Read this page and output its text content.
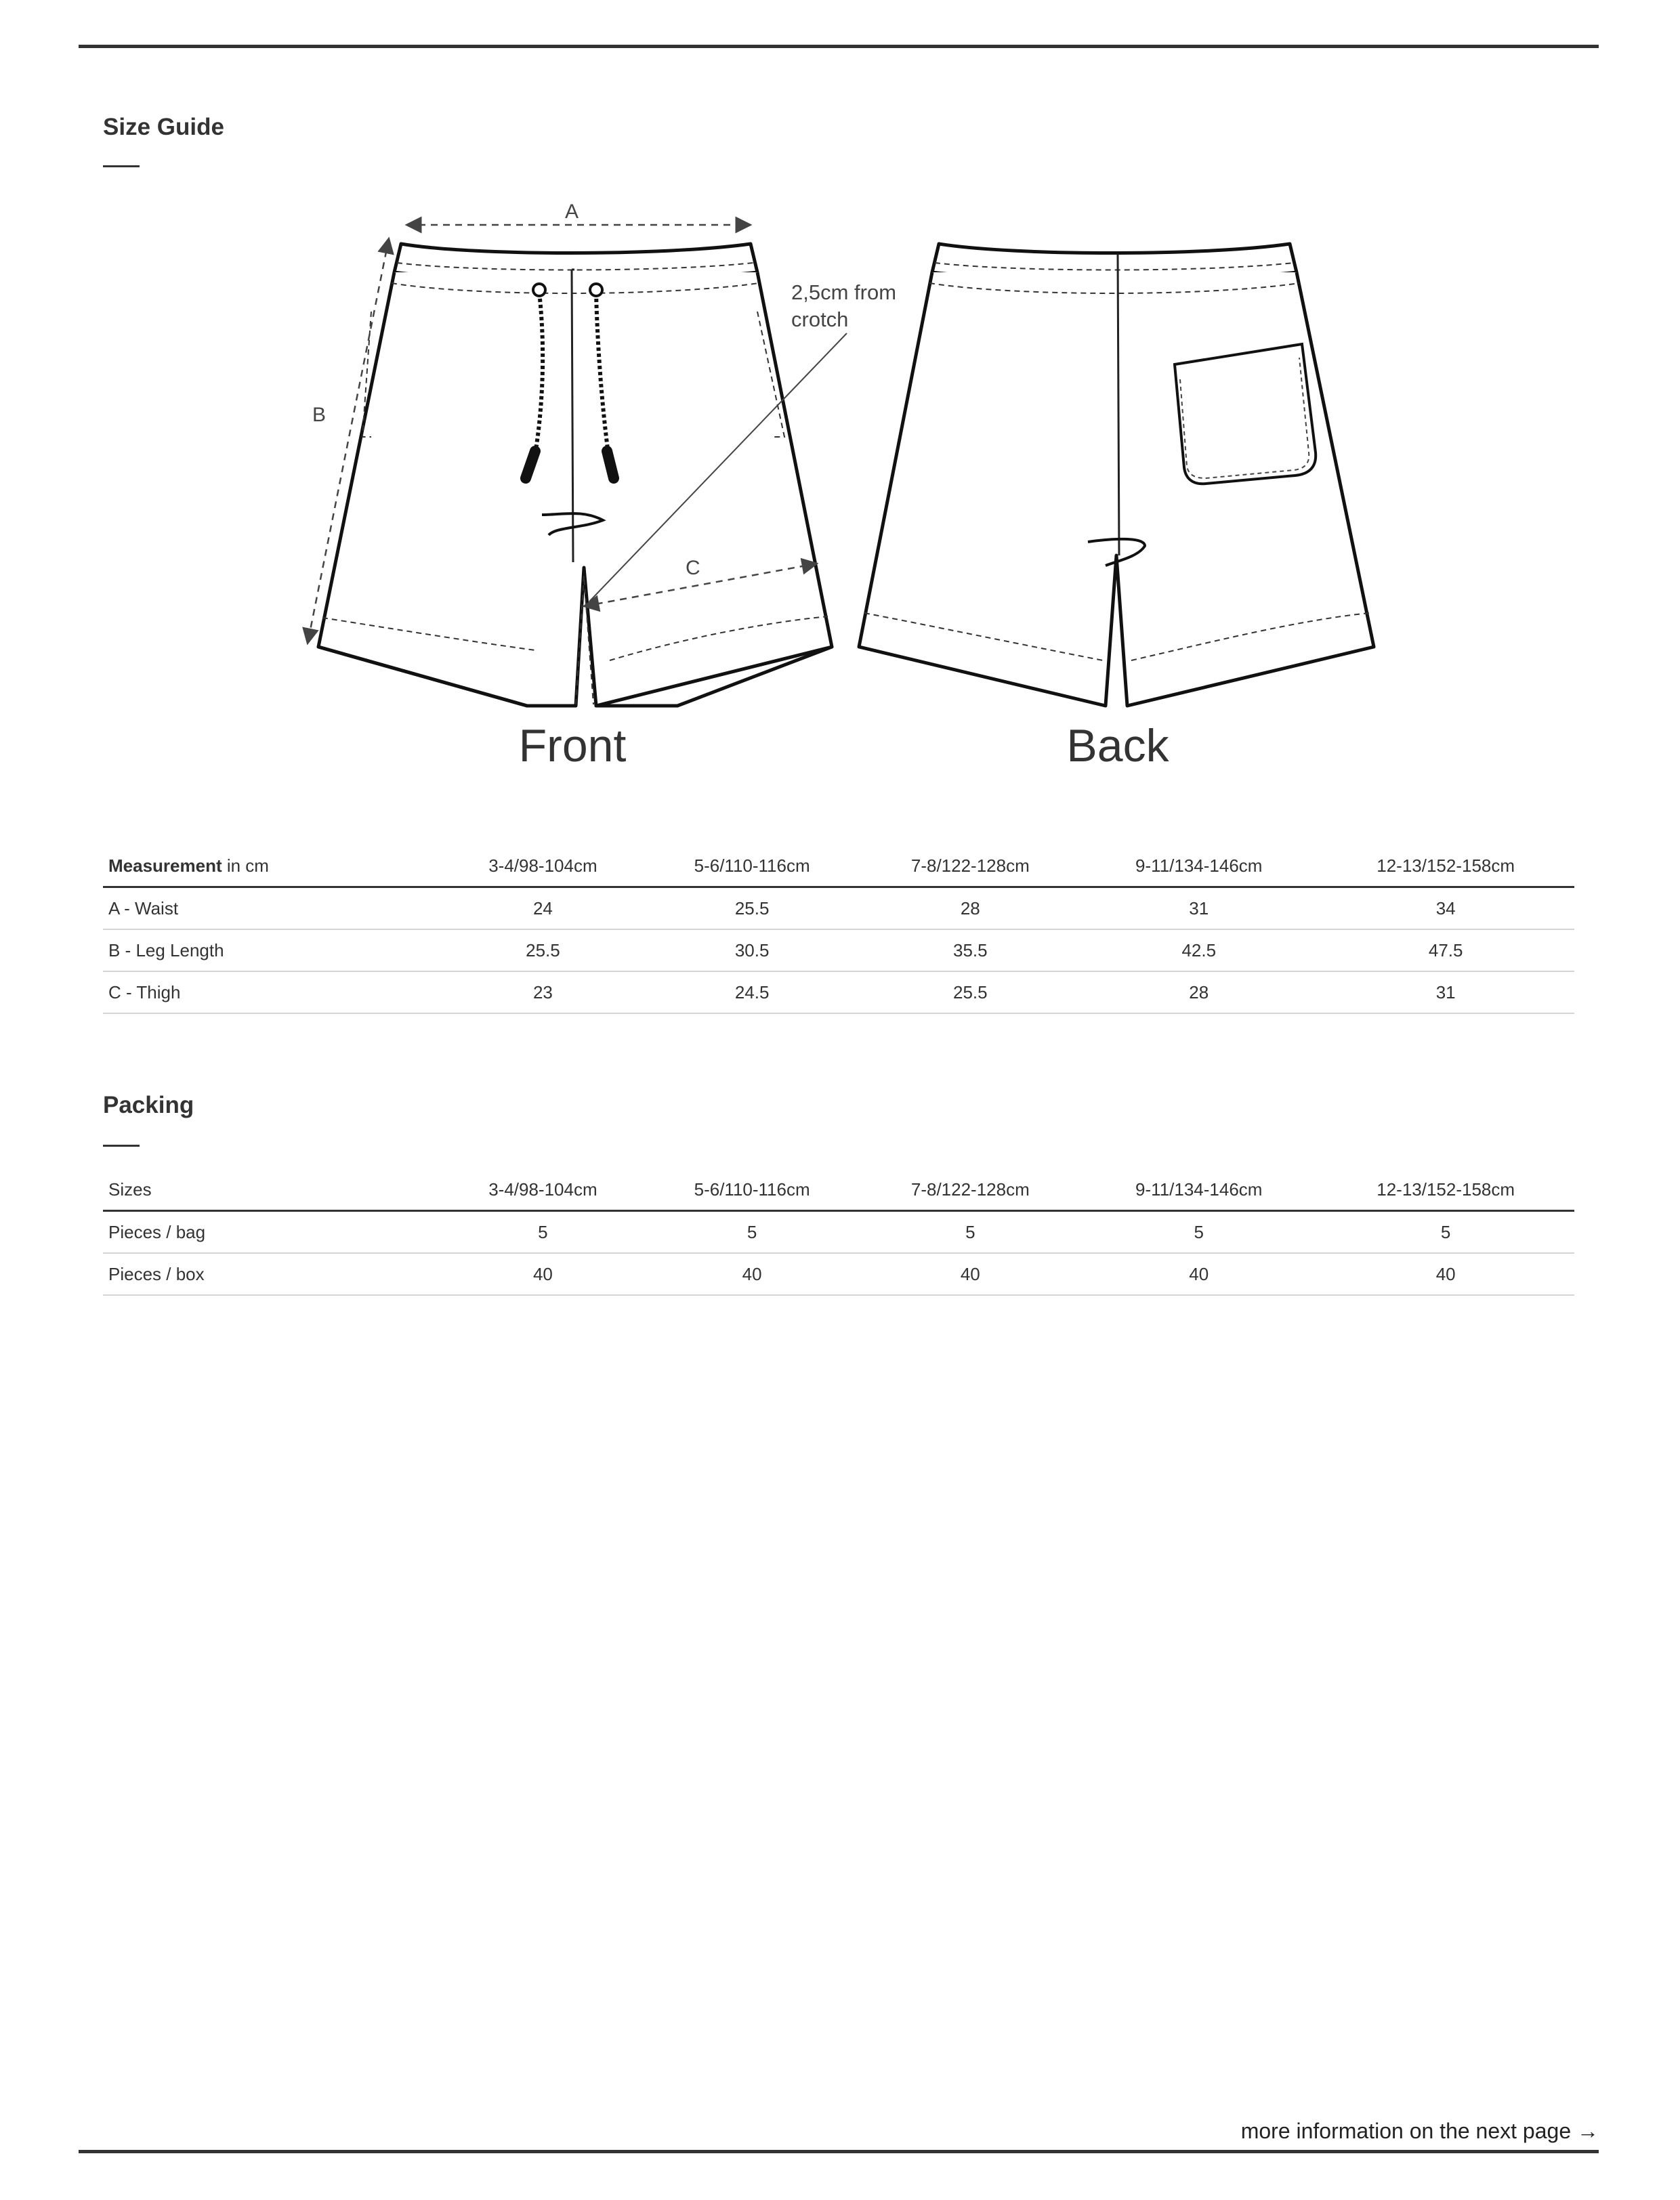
Size Guide
A
B
C
2,5cm from
crotch
Front	Back
Measurement in cm	3-4/98-104cm	5-6/110-116cm	7-8/122-128cm	9-11/134-146cm	12-13/152-158cm
A - Waist	24	25.5	28	31	34
B - Leg Length	25.5	30.5	35.5	42.5	47.5
C - Thigh	23	24.5	25.5	28	31
Packing
Sizes	3-4/98-104cm	5-6/110-116cm	7-8/122-128cm	9-11/134-146cm	12-13/152-158cm
Pieces / bag	5	5	5	5	5
Pieces / box	40	40	40	40	40
more information on the next page →
